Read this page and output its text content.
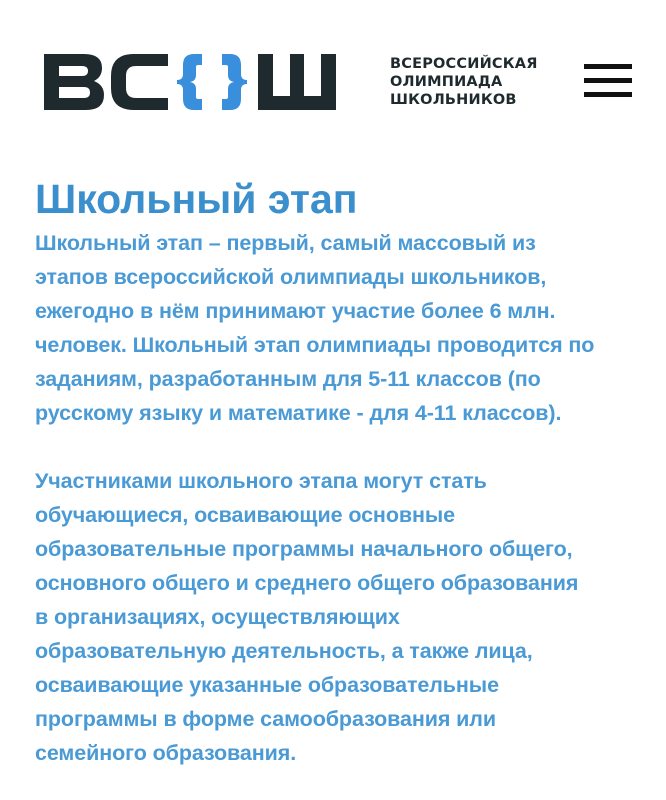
ВСЕРОССИЙСКАЯ
ОЛИМПИАДА
ШКОЛЬНИКОВ
Школьный этап

Школьный этап – первый, самый массовый из
этапов всероссийской олимпиады школьников,
ежегодно в нём принимают участие более 6 млн.
человек. Школьный этап олимпиады проводится по
заданиям, разработанным для 5-11 классов (по
русскому языку и математике - для 4-11 классов).

Участниками школьного этапа могут стать
обучающиеся, осваивающие основные
образовательные программы начального общего,
основного общего и среднего общего образования
в организациях, осуществляющих
образовательную деятельность, а также лица,
осваивающие указанные образовательные
программы в форме самообразования или
семейного образования.
